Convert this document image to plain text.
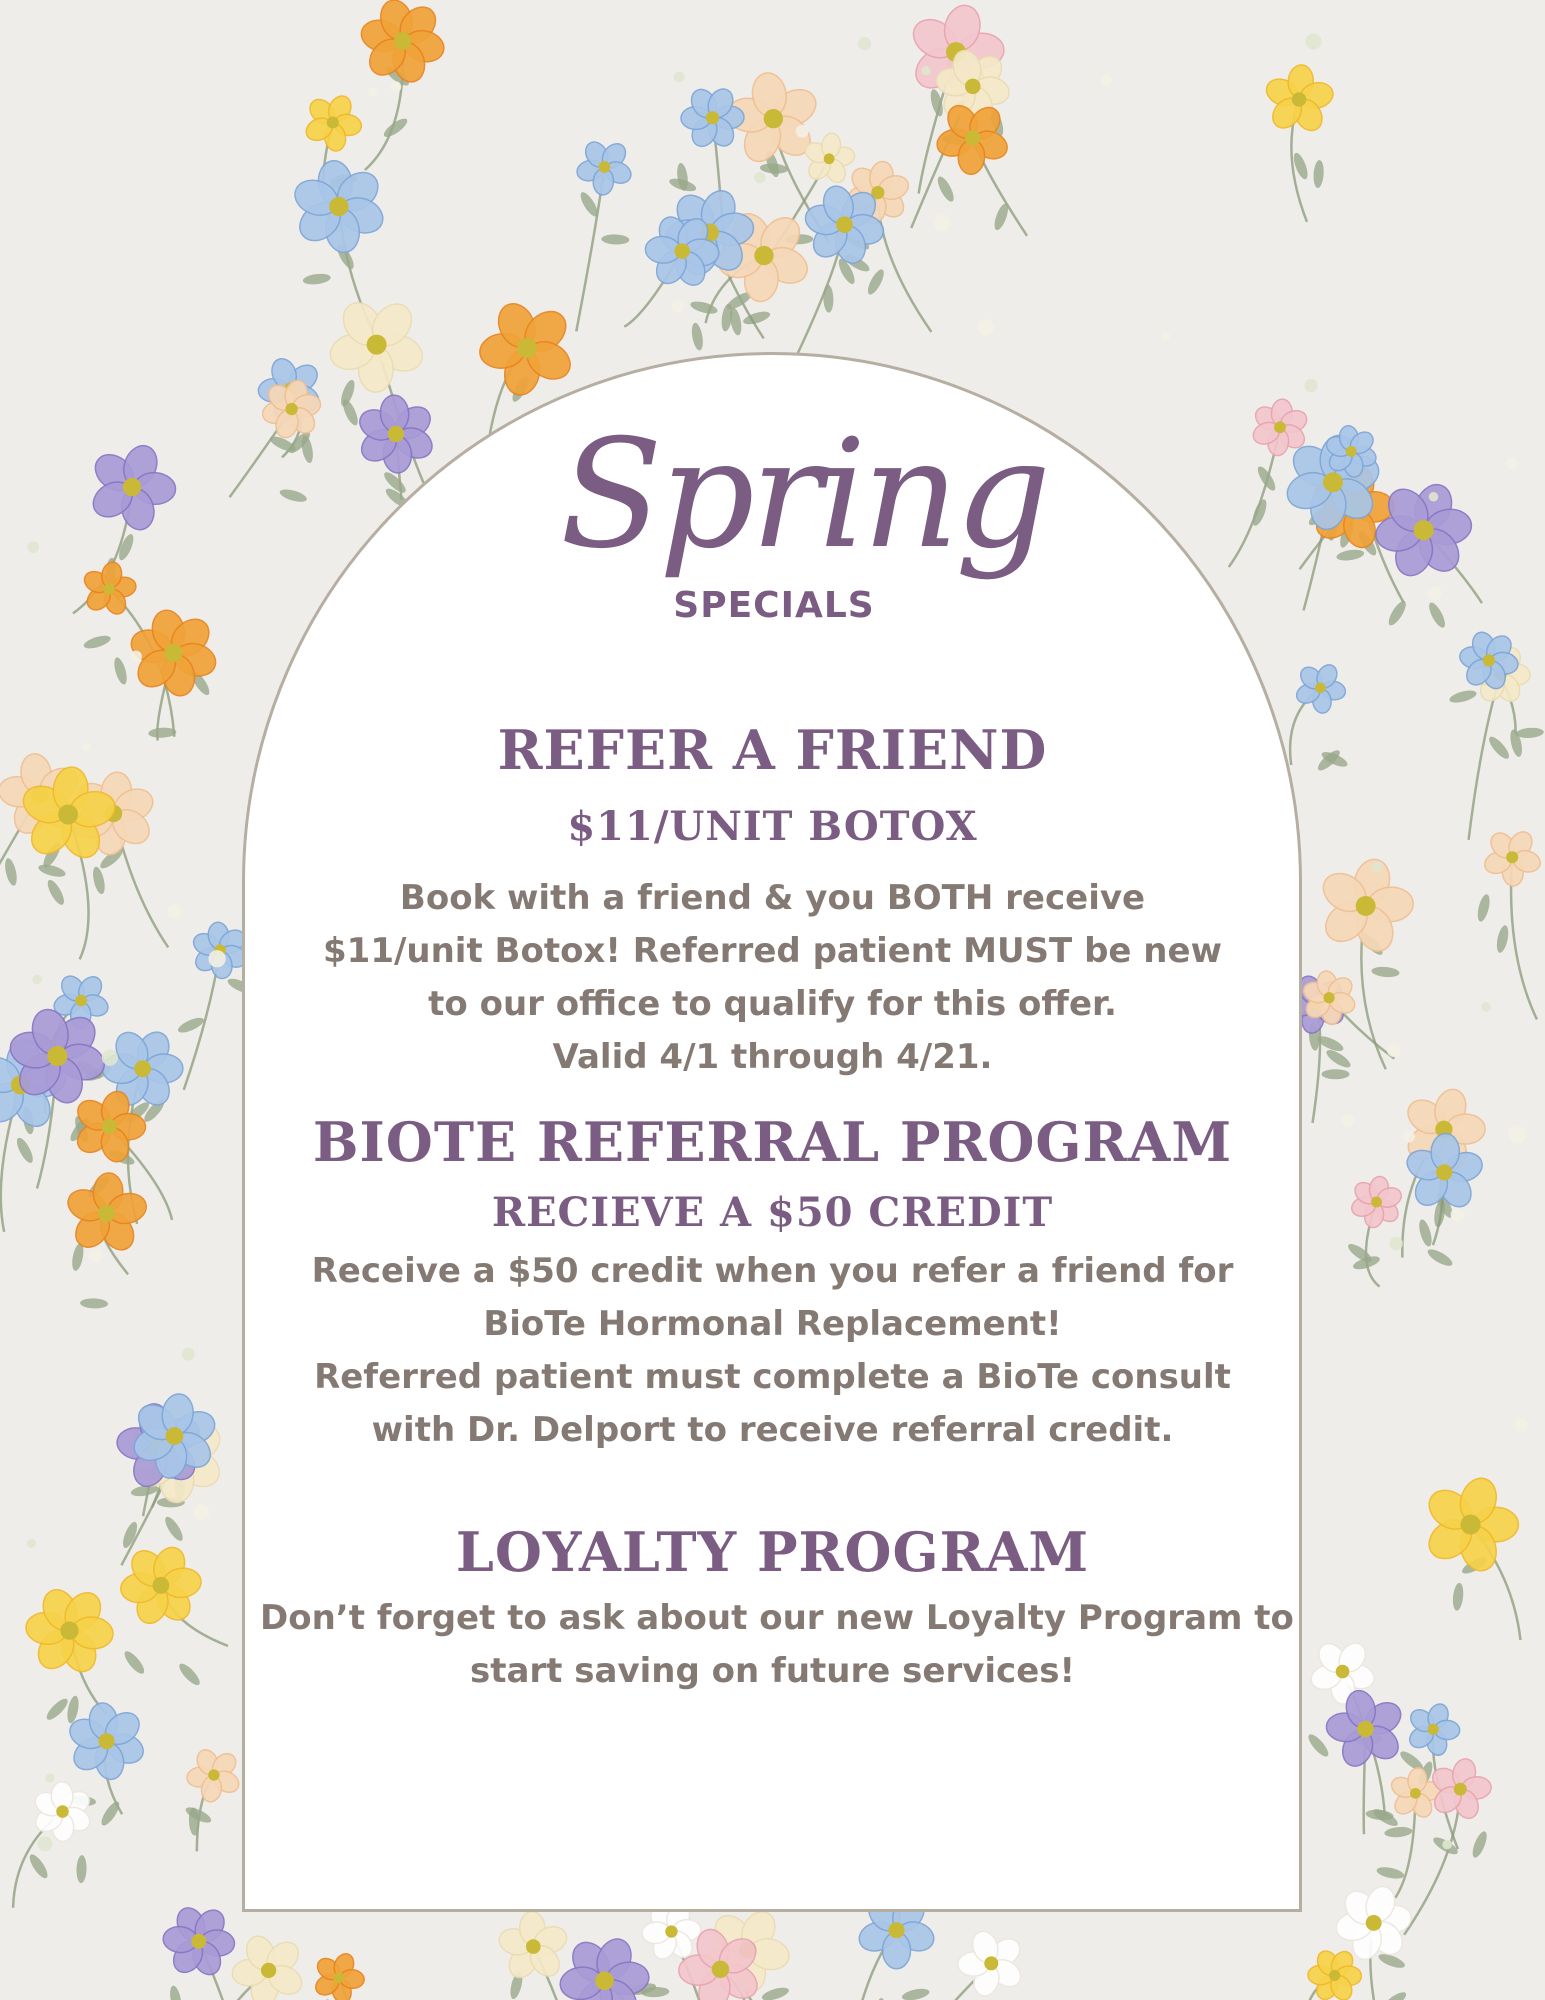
Spring
SPECIALS
REFER A FRIEND
$11/UNIT BOTOX
Book with a friend & you BOTH receive
$11/unit Botox! Referred patient MUST be new
to our office to qualify for this offer.
Valid 4/1 through 4/21.
BIOTE REFERRAL PROGRAM
RECIEVE A $50 CREDIT
Receive a $50 credit when you refer a friend for
BioTe Hormonal Replacement!
Referred patient must complete a BioTe consult
with Dr. Delport to receive referral credit.
LOYALTY PROGRAM
Don’t forget to ask about our new Loyalty Program to
start saving on future services!
